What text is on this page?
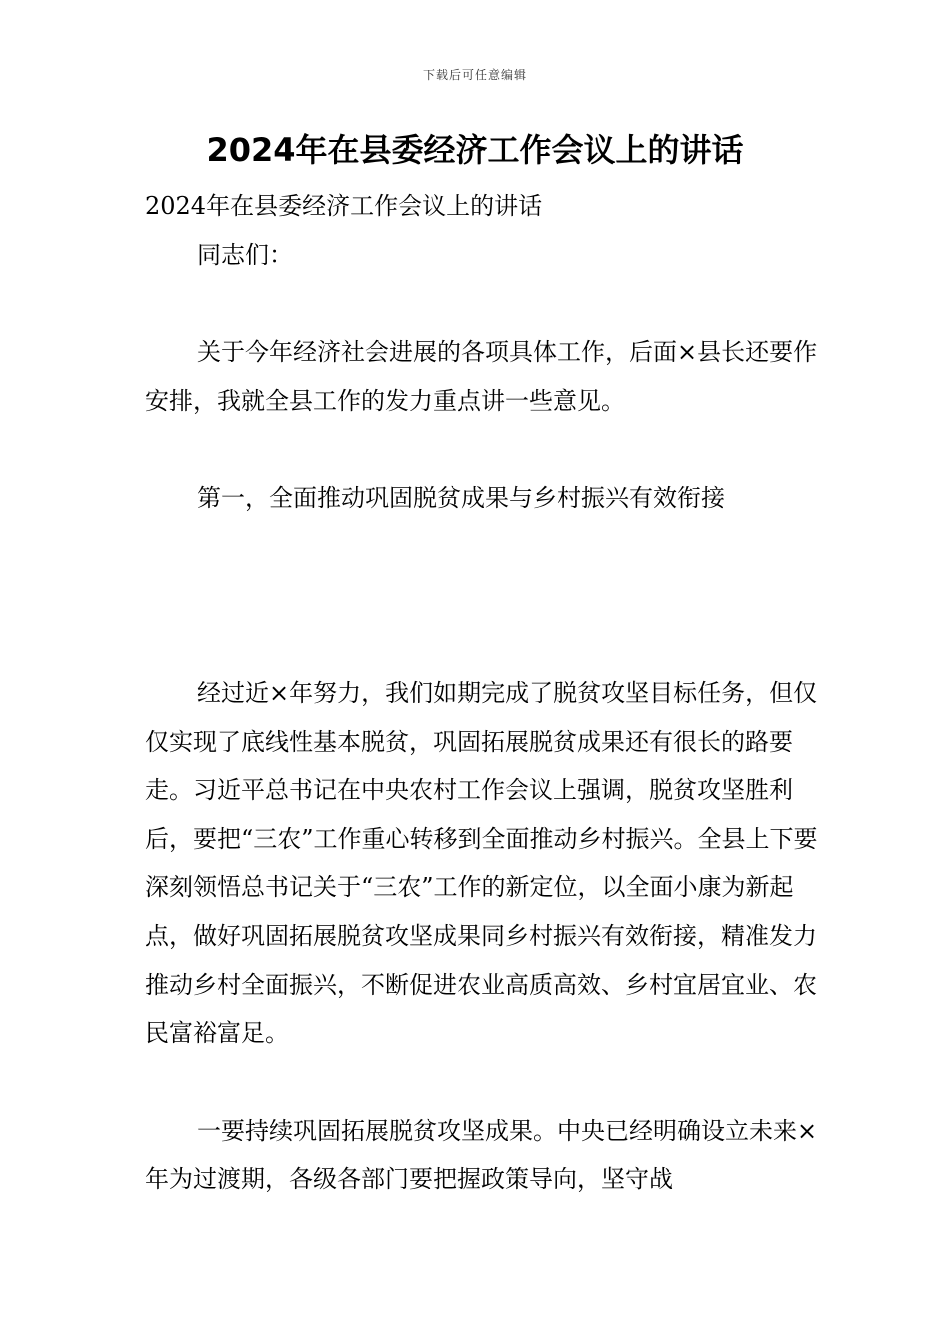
下载后可任意编辑
2024年在县委经济工作会议上的讲话

2024年在县委经济工作会议上的讲话

同志们：

关于今年经济社会进展的各项具体工作，后面×县长还要作安排，我就全县工作的发力重点讲一些意见。

第一，全面推动巩固脱贫成果与乡村振兴有效衔接

经过近×年努力，我们如期完成了脱贫攻坚目标任务，但仅仅实现了底线性基本脱贫，巩固拓展脱贫成果还有很长的路要走。习近平总书记在中央农村工作会议上强调，脱贫攻坚胜利后，要把“三农”工作重心转移到全面推动乡村振兴。全县上下要深刻领悟总书记关于“三农”工作的新定位，以全面小康为新起点，做好巩固拓展脱贫攻坚成果同乡村振兴有效衔接，精准发力推动乡村全面振兴，不断促进农业高质高效、乡村宜居宜业、农民富裕富足。

一要持续巩固拓展脱贫攻坚成果。中央已经明确设立未来×年为过渡期，各级各部门要把握政策导向，坚守战
